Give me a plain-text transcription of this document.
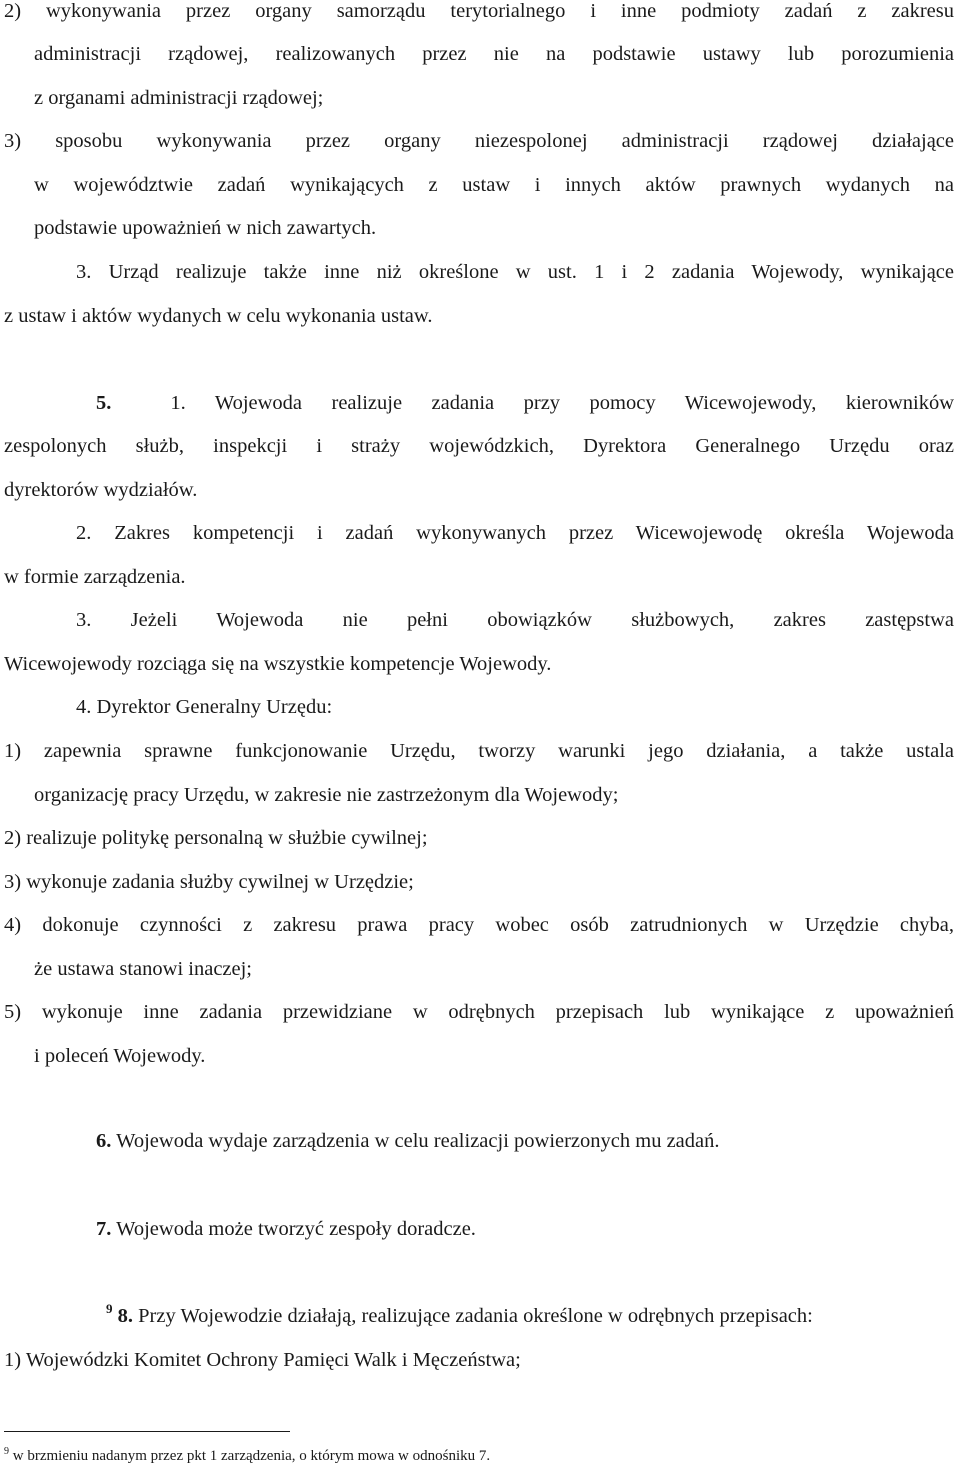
2) wykonywania przez organy samorządu terytorialnego i inne podmioty zadań z zakresu
administracji rządowej, realizowanych przez nie na podstawie ustawy lub porozumienia
z organami administracji rządowej;
3) sposobu wykonywania przez organy niezespolonej administracji rządowej działające
w województwie zadań wynikających z ustaw i innych aktów prawnych wydanych na
podstawie upoważnień w nich zawartych.
3. Urząd realizuje także inne niż określone w ust. 1 i 2 zadania Wojewody, wynikające
z ustaw i aktów wydanych w celu wykonania ustaw.
5.	1. Wojewoda realizuje zadania przy pomocy Wicewojewody, kierowników
zespolonych służb, inspekcji i straży wojewódzkich, Dyrektora Generalnego Urzędu oraz
dyrektorów wydziałów.
2. Zakres kompetencji i zadań wykonywanych przez Wicewojewodę określa Wojewoda
w formie zarządzenia.
3. Jeżeli Wojewoda nie pełni obowiązków służbowych, zakres zastępstwa
Wicewojewody rozciąga się na wszystkie kompetencje Wojewody.
4. Dyrektor Generalny Urzędu:
1) zapewnia sprawne funkcjonowanie Urzędu, tworzy warunki jego działania, a także ustala
organizację pracy Urzędu, w zakresie nie zastrzeżonym dla Wojewody;
2) realizuje politykę personalną w służbie cywilnej;
3) wykonuje zadania służby cywilnej w Urzędzie;
4) dokonuje czynności z zakresu prawa pracy wobec osób zatrudnionych w Urzędzie chyba,
że ustawa stanowi inaczej;
5) wykonuje inne zadania przewidziane w odrębnych przepisach lub wynikające z upoważnień
i poleceń Wojewody.
6. Wojewoda wydaje zarządzenia w celu realizacji powierzonych mu zadań.
7. Wojewoda może tworzyć zespoły doradcze.
$^9$ 8. Przy Wojewodzie działają, realizujące zadania określone w odrębnych przepisach:
1) Wojewódzki Komitet Ochrony Pamięci Walk i Męczeństwa;
$^9$ w brzmieniu nadanym przez pkt 1 zarządzenia, o którym mowa w odnośniku 7.
